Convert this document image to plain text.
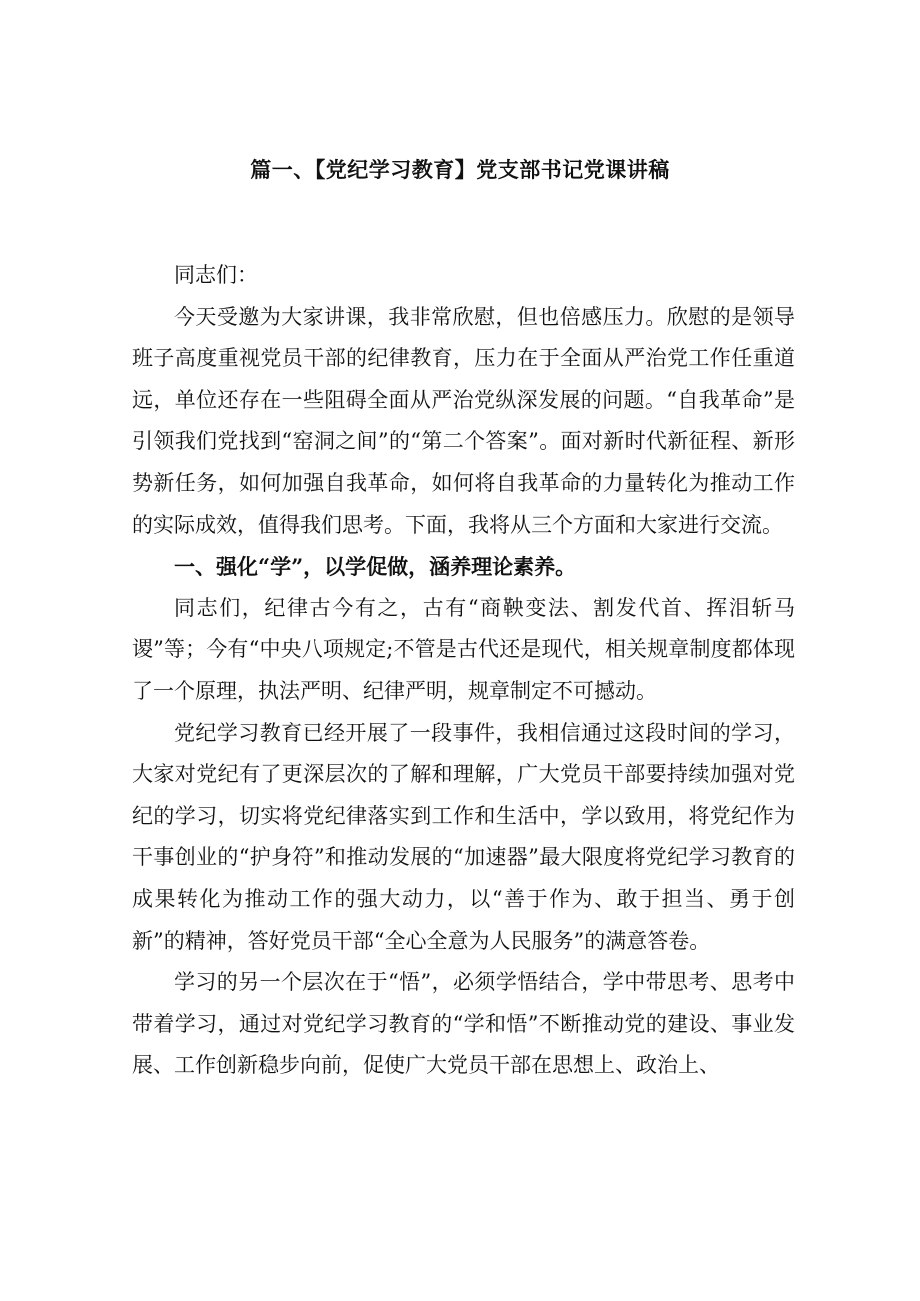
篇一、【党纪学习教育】党支部书记党课讲稿

同志们：

今天受邀为大家讲课，我非常欣慰，但也倍感压力。欣慰的是领导班子高度重视党员干部的纪律教育，压力在于全面从严治党工作任重道远，单位还存在一些阻碍全面从严治党纵深发展的问题。“自我革命”是引领我们党找到“窑洞之间”的“第二个答案”。面对新时代新征程、新形势新任务，如何加强自我革命，如何将自我革命的力量转化为推动工作的实际成效，值得我们思考。下面，我将从三个方面和大家进行交流。

一、强化“学”，以学促做，涵养理论素养。

同志们，纪律古今有之，古有“商鞅变法、割发代首、挥泪斩马谡”等；今有“中央八项规定;不管是古代还是现代，相关规章制度都体现了一个原理，执法严明、纪律严明，规章制定不可撼动。

党纪学习教育已经开展了一段事件，我相信通过这段时间的学习，大家对党纪有了更深层次的了解和理解，广大党员干部要持续加强对党纪的学习，切实将党纪律落实到工作和生活中，学以致用，将党纪作为干事创业的“护身符”和推动发展的“加速器”最大限度将党纪学习教育的成果转化为推动工作的强大动力，以“善于作为、敢于担当、勇于创新”的精神，答好党员干部“全心全意为人民服务”的满意答卷。

学习的另一个层次在于“悟”，必须学悟结合，学中带思考、思考中带着学习，通过对党纪学习教育的“学和悟”不断推动党的建设、事业发展、工作创新稳步向前，促使广大党员干部在思想上、政治上、
